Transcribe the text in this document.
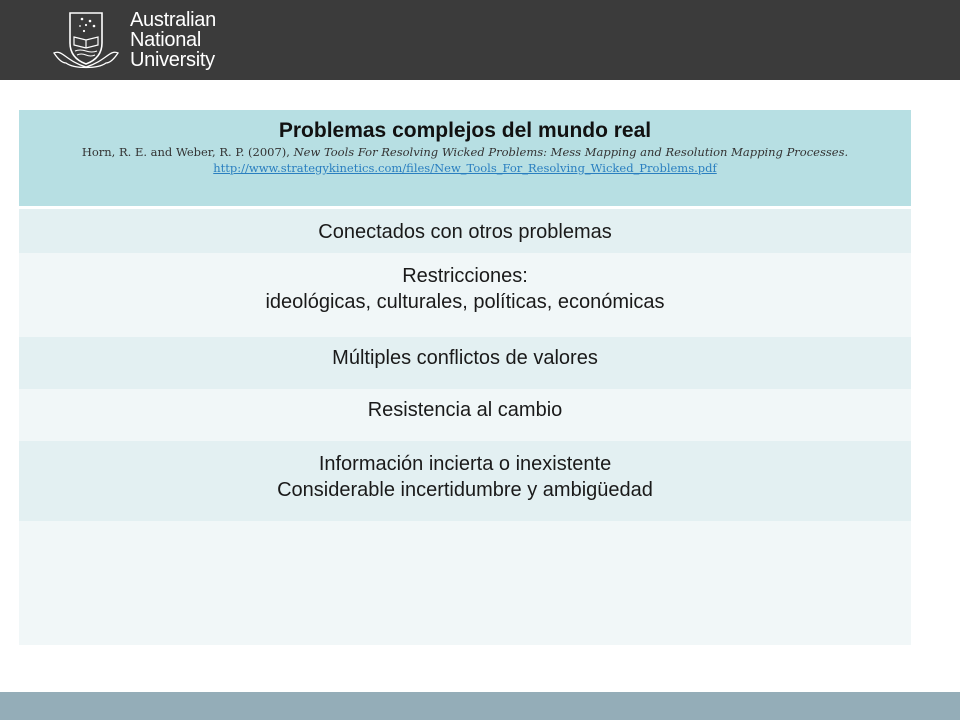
Australian
National
University
Problemas complejos del mundo real
Horn, R. E. and Weber, R. P. (2007), New Tools For Resolving Wicked Problems: Mess Mapping and Resolution Mapping Processes.
http://www.strategykinetics.com/files/New_Tools_For_Resolving_Wicked_Problems.pdf
Conectados con otros problemas
Restricciones:
ideológicas, culturales, políticas, económicas
Múltiples conflictos de valores
Resistencia al cambio
Información incierta o inexistente
Considerable incertidumbre y ambigüedad
